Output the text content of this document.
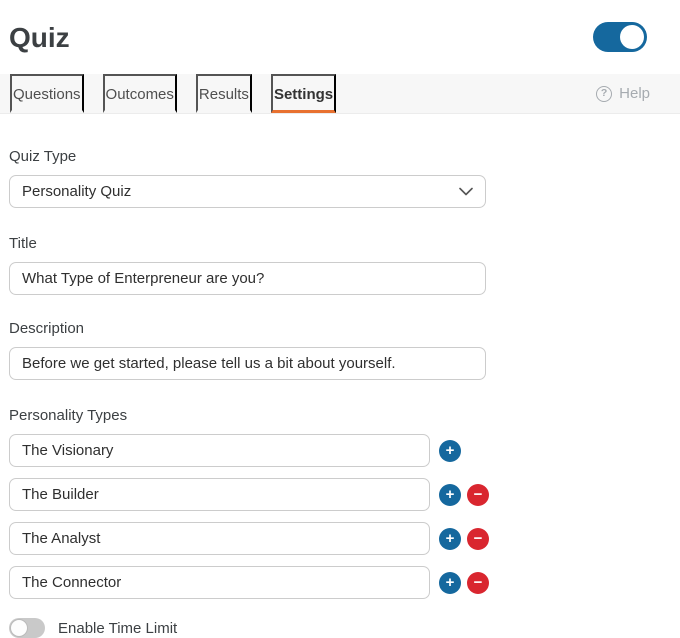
Quiz
Questions Outcomes Results Settings	? Help
Quiz Type
Personality Quiz
Title
What Type of Enterpreneur are you?
Description
Before we get started, please tell us a bit about yourself.
Personality Types
The Visionary
+
The Builder
+	−
The Analyst
+	−
The Connector
+	−
Enable Time Limit
